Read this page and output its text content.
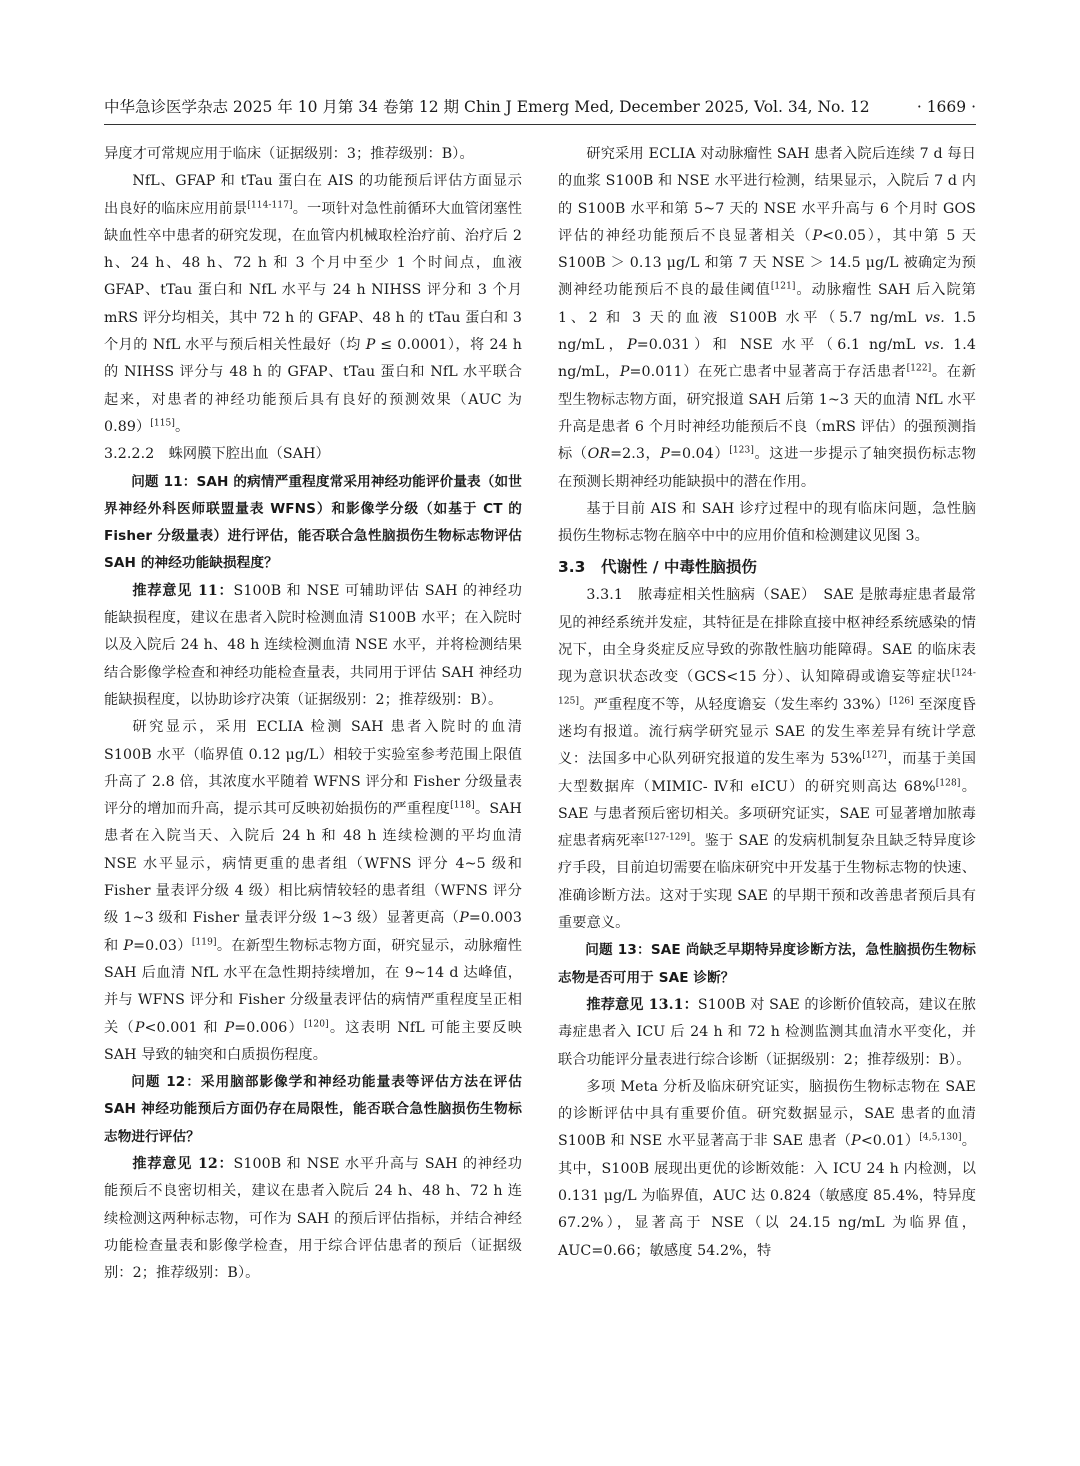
中华急诊医学杂志 2025 年 10 月第 34 卷第 12 期 Chin J Emerg Med, December 2025, Vol. 34, No. 12	· 1669 ·

异度才可常规应用于临床（证据级别：3；推荐级别：B）。

NfL、GFAP 和 tTau 蛋白在 AIS 的功能预后评估方面显示出良好的临床应用前景[114-117]。一项针对急性前循环大血管闭塞性缺血性卒中患者的研究发现，在血管内机械取栓治疗前、治疗后 2 h、24 h、48 h、72 h 和 3 个月中至少 1 个时间点，血液 GFAP、tTau 蛋白和 NfL 水平与 24 h NIHSS 评分和 3 个月 mRS 评分均相关，其中 72 h 的 GFAP、48 h 的 tTau 蛋白和 3 个月的 NfL 水平与预后相关性最好（均 P ≤ 0.0001），将 24 h 的 NIHSS 评分与 48 h 的 GFAP、tTau 蛋白和 NfL 水平联合起来，对患者的神经功能预后具有良好的预测效果（AUC 为 0.89）[115]。

3.2.2.2　蛛网膜下腔出血（SAH）

问题 11：SAH 的病情严重程度常采用神经功能评价量表（如世界神经外科医师联盟量表 WFNS）和影像学分级（如基于 CT 的 Fisher 分级量表）进行评估，能否联合急性脑损伤生物标志物评估 SAH 的神经功能缺损程度？

推荐意见 11：S100B 和 NSE 可辅助评估 SAH 的神经功能缺损程度，建议在患者入院时检测血清 S100B 水平；在入院时以及入院后 24 h、48 h 连续检测血清 NSE 水平，并将检测结果结合影像学检查和神经功能检查量表，共同用于评估 SAH 神经功能缺损程度，以协助诊疗决策（证据级别：2；推荐级别：B）。

研究显示，采用 ECLIA 检测 SAH 患者入院时的血清 S100B 水平（临界值 0.12 μg/L）相较于实验室参考范围上限值升高了 2.8 倍，其浓度水平随着 WFNS 评分和 Fisher 分级量表评分的增加而升高，提示其可反映初始损伤的严重程度[118]。SAH 患者在入院当天、入院后 24 h 和 48 h 连续检测的平均血清 NSE 水平显示，病情更重的患者组（WFNS 评分 4~5 级和 Fisher 量表评分级 4 级）相比病情较轻的患者组（WFNS 评分级 1~3 级和 Fisher 量表评分级 1~3 级）显著更高（P=0.003 和 P=0.03）[119]。在新型生物标志物方面，研究显示，动脉瘤性 SAH 后血清 NfL 水平在急性期持续增加，在 9~14 d 达峰值，并与 WFNS 评分和 Fisher 分级量表评估的病情严重程度呈正相关（P<0.001 和 P=0.006）[120]。这表明 NfL 可能主要反映 SAH 导致的轴突和白质损伤程度。

问题 12：采用脑部影像学和神经功能量表等评估方法在评估 SAH 神经功能预后方面仍存在局限性，能否联合急性脑损伤生物标志物进行评估？

推荐意见 12：S100B 和 NSE 水平升高与 SAH 的神经功能预后不良密切相关，建议在患者入院后 24 h、48 h、72 h 连续检测这两种标志物，可作为 SAH 的预后评估指标，并结合神经功能检查量表和影像学检查，用于综合评估患者的预后（证据级别：2；推荐级别：B）。

研究采用 ECLIA 对动脉瘤性 SAH 患者入院后连续 7 d 每日的血浆 S100B 和 NSE 水平进行检测，结果显示，入院后 7 d 内的 S100B 水平和第 5~7 天的 NSE 水平升高与 6 个月时 GOS 评估的神经功能预后不良显著相关（P<0.05），其中第 5 天 S100B ＞ 0.13 μg/L 和第 7 天 NSE ＞ 14.5 μg/L 被确定为预测神经功能预后不良的最佳阈值[121]。动脉瘤性 SAH 后入院第 1、2 和 3 天的血液 S100B 水平（5.7 ng/mL vs. 1.5 ng/mL，P=0.031）和 NSE 水平（6.1 ng/mL vs. 1.4 ng/mL，P=0.011）在死亡患者中显著高于存活患者[122]。在新型生物标志物方面，研究报道 SAH 后第 1~3 天的血清 NfL 水平升高是患者 6 个月时神经功能预后不良（mRS 评估）的强预测指标（OR=2.3，P=0.04）[123]。这进一步提示了轴突损伤标志物在预测长期神经功能缺损中的潜在作用。

基于目前 AIS 和 SAH 诊疗过程中的现有临床问题，急性脑损伤生物标志物在脑卒中中的应用价值和检测建议见图 3。

3.3　代谢性 / 中毒性脑损伤

3.3.1　脓毒症相关性脑病（SAE）　SAE 是脓毒症患者最常见的神经系统并发症，其特征是在排除直接中枢神经系统感染的情况下，由全身炎症反应导致的弥散性脑功能障碍。SAE 的临床表现为意识状态改变（GCS<15 分）、认知障碍或谵妄等症状[124-125]。严重程度不等，从轻度谵妄（发生率约 33%）[126] 至深度昏迷均有报道。流行病学研究显示 SAE 的发生率差异有统计学意义：法国多中心队列研究报道的发生率为 53%[127]，而基于美国大型数据库（MIMIC- Ⅳ和 eICU）的研究则高达 68%[128]。SAE 与患者预后密切相关。多项研究证实，SAE 可显著增加脓毒症患者病死率[127-129]。鉴于 SAE 的发病机制复杂且缺乏特异度诊疗手段，目前迫切需要在临床研究中开发基于生物标志物的快速、准确诊断方法。这对于实现 SAE 的早期干预和改善患者预后具有重要意义。

问题 13：SAE 尚缺乏早期特异度诊断方法，急性脑损伤生物标志物是否可用于 SAE 诊断？

推荐意见 13.1：S100B 对 SAE 的诊断价值较高，建议在脓毒症患者入 ICU 后 24 h 和 72 h 检测监测其血清水平变化，并联合功能评分量表进行综合诊断（证据级别：2；推荐级别：B）。

多项 Meta 分析及临床研究证实，脑损伤生物标志物在 SAE 的诊断评估中具有重要价值。研究数据显示，SAE 患者的血清 S100B 和 NSE 水平显著高于非 SAE 患者（P<0.01）[4,5,130]。其中，S100B 展现出更优的诊断效能：入 ICU 24 h 内检测，以 0.131 μg/L 为临界值，AUC 达 0.824（敏感度 85.4%，特异度 67.2%），显著高于 NSE（以 24.15 ng/mL 为临界值，AUC=0.66；敏感度 54.2%，特
